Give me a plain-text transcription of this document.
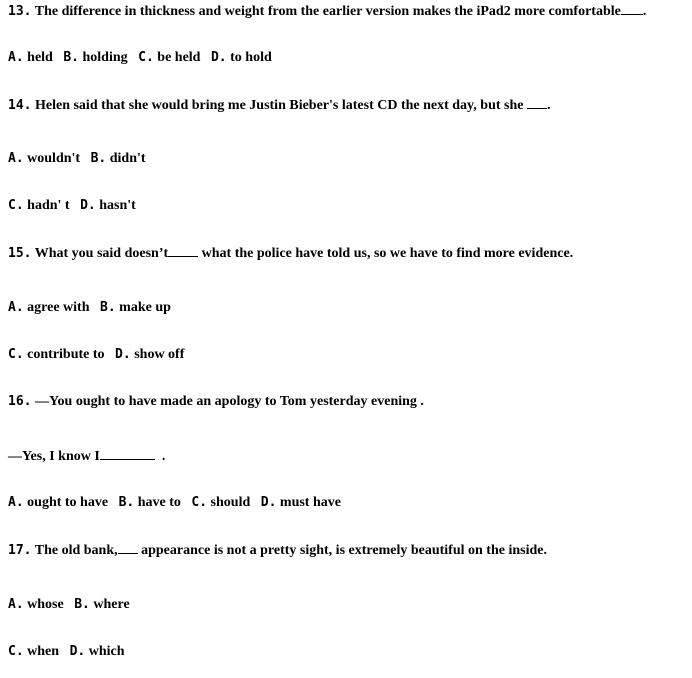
13. The difference in thickness and weight from the earlier version makes the iPad2 more comfortable .
A. held B. holding C. be held D. to hold
14. Helen said that she would bring me Justin Bieber's latest CD the next day, but she .
A. wouldn't B. didn't
C. hadn' t D. hasn't
15. What you said doesn’t what the police have told us, so we have to find more evidence.
A. agree with B. make up
C. contribute to D. show off
16. —You ought to have made an apology to Tom yesterday evening .
—Yes, I know I	.
A. ought to have B. have to C. should D. must have
17. The old bank, appearance is not a pretty sight, is extremely beautiful on the inside.
A. whose B. where
C. when D. which
